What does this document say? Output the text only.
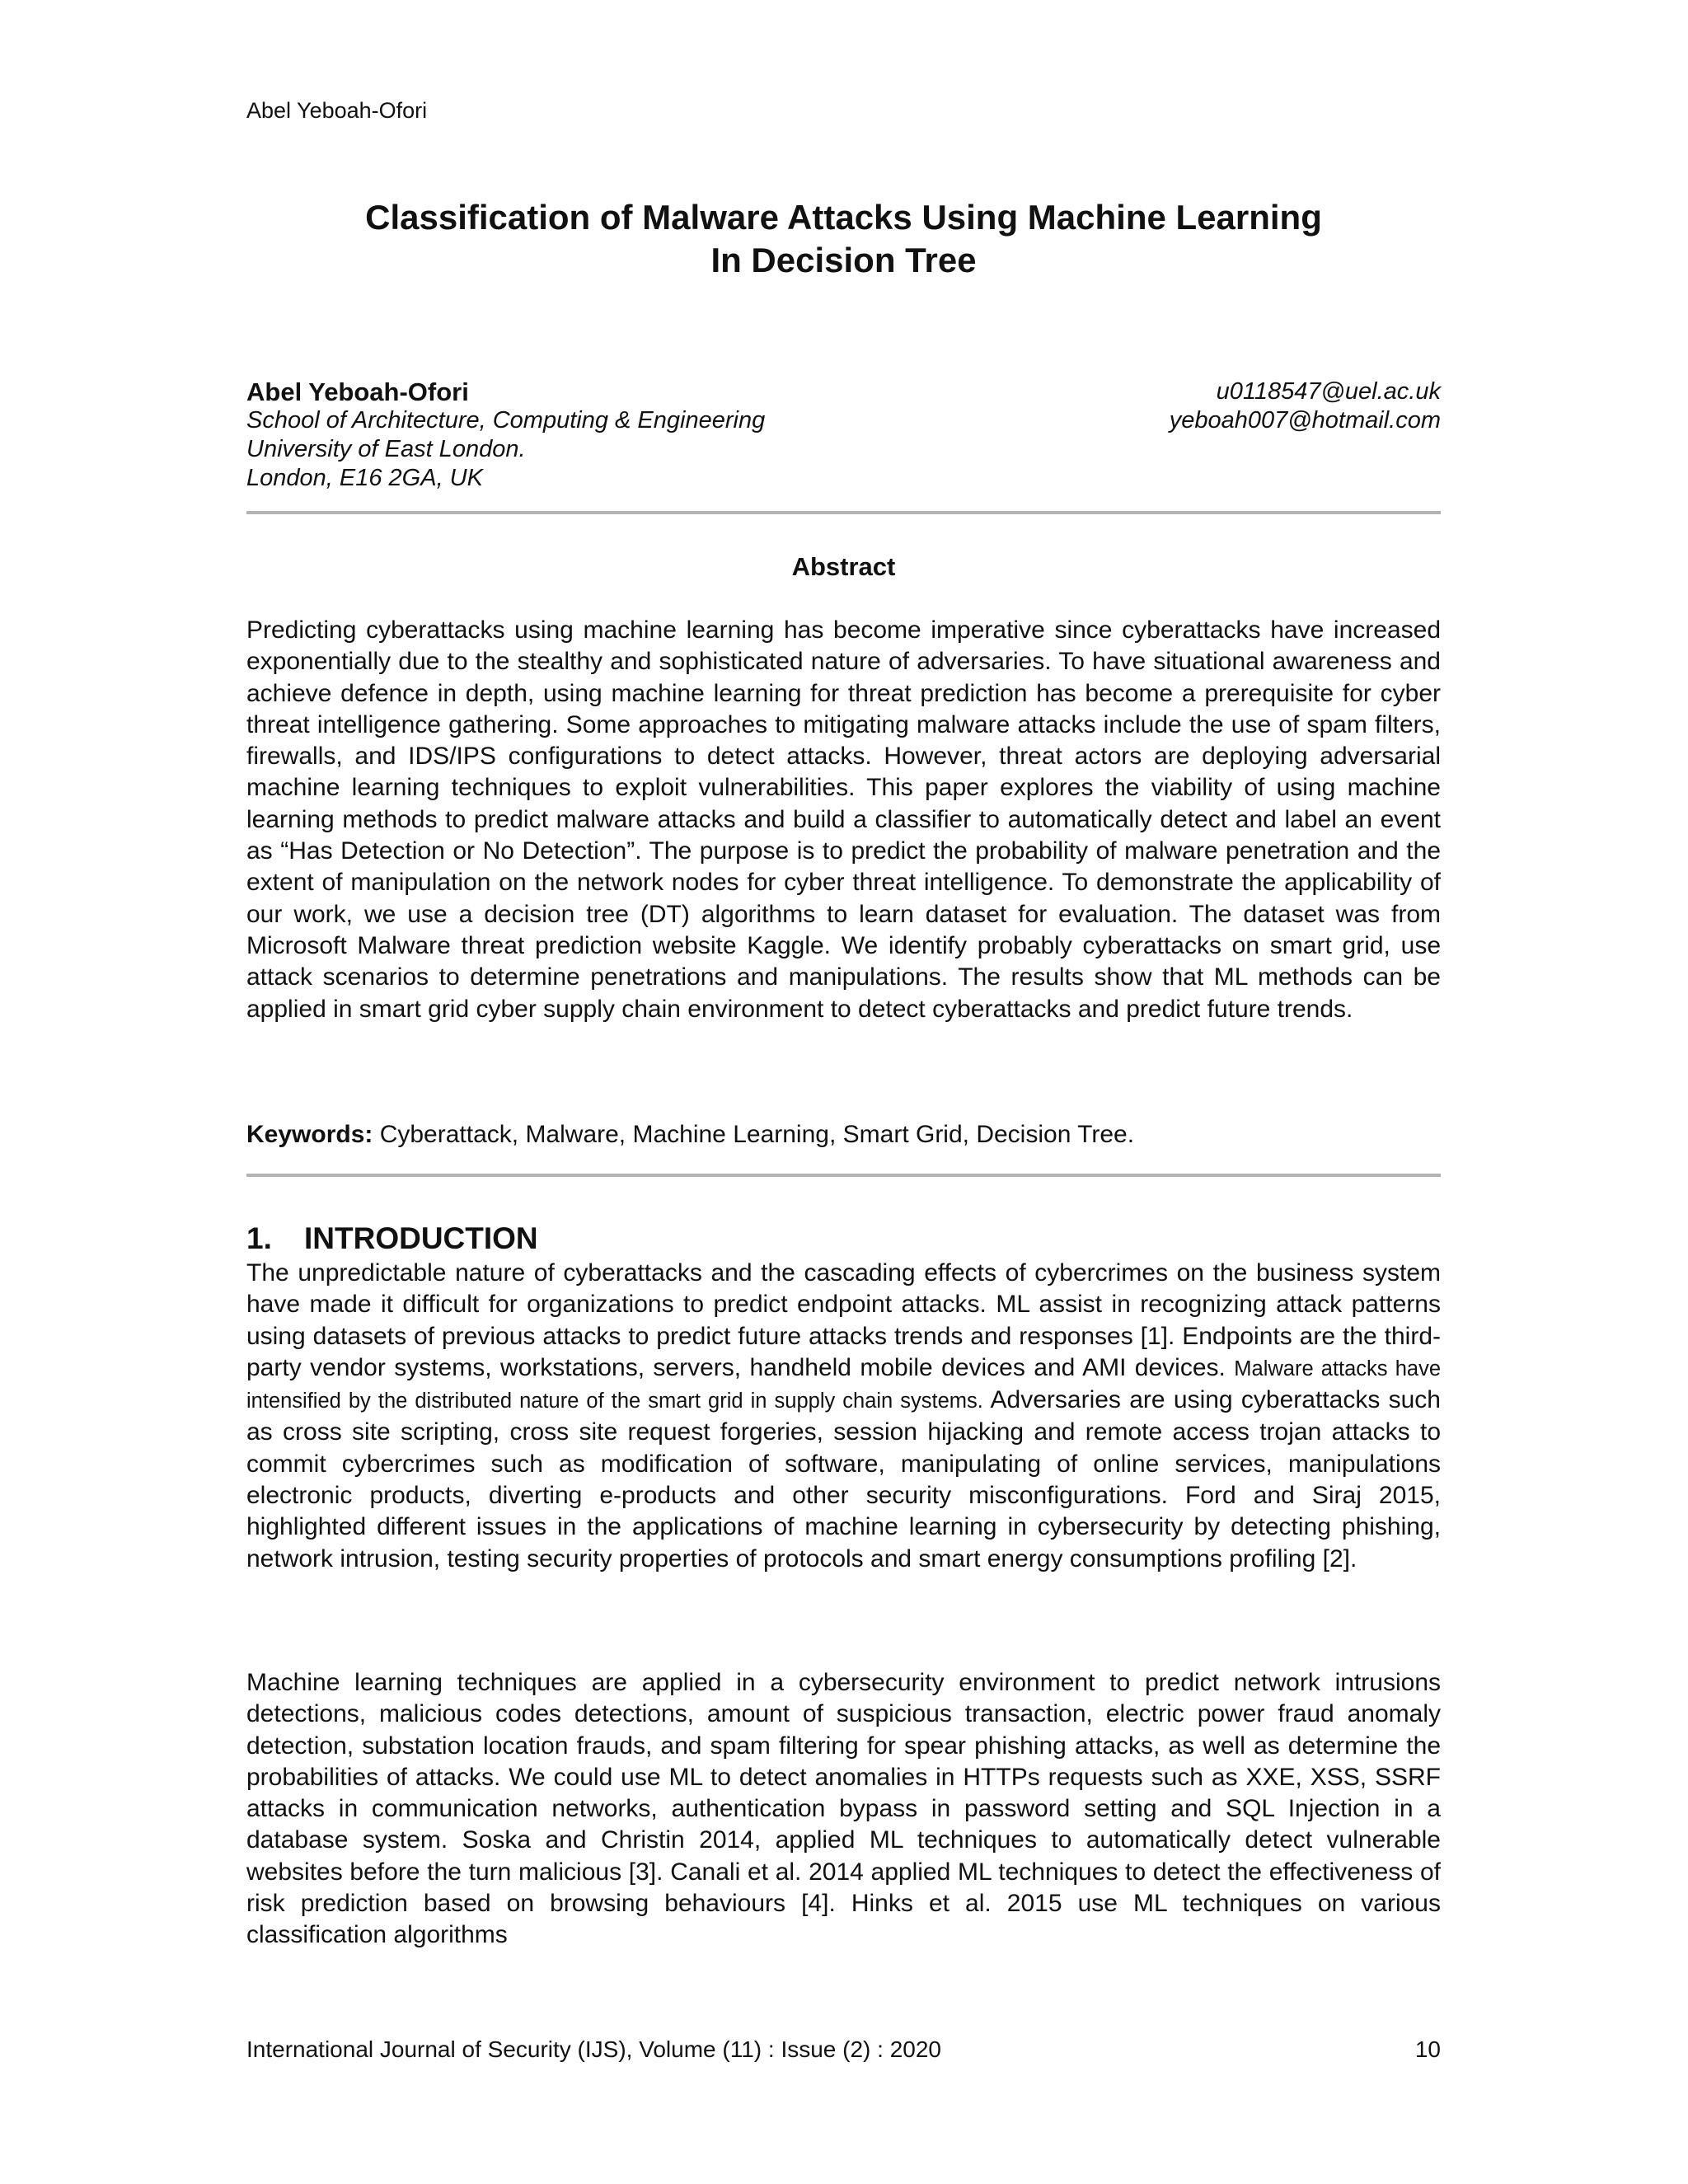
Abel Yeboah-Ofori
Classification of Malware Attacks Using Machine Learning
In Decision Tree
Abel Yeboah-Ofori
School of Architecture, Computing & Engineering
University of East London.
London, E16 2GA, UK
u0118547@uel.ac.uk
yeboah007@hotmail.com
Abstract
Predicting cyberattacks using machine learning has become imperative since cyberattacks have increased exponentially due to the stealthy and sophisticated nature of adversaries. To have situational awareness and achieve defence in depth, using machine learning for threat prediction has become a prerequisite for cyber threat intelligence gathering. Some approaches to mitigating malware attacks include the use of spam filters, firewalls, and IDS/IPS configurations to detect attacks. However, threat actors are deploying adversarial machine learning techniques to exploit vulnerabilities. This paper explores the viability of using machine learning methods to predict malware attacks and build a classifier to automatically detect and label an event as “Has Detection or No Detection”. The purpose is to predict the probability of malware penetration and the extent of manipulation on the network nodes for cyber threat intelligence. To demonstrate the applicability of our work, we use a decision tree (DT) algorithms to learn dataset for evaluation. The dataset was from Microsoft Malware threat prediction website Kaggle. We identify probably cyberattacks on smart grid, use attack scenarios to determine penetrations and manipulations. The results show that ML methods can be applied in smart grid cyber supply chain environment to detect cyberattacks and predict future trends.
Keywords: Cyberattack, Malware, Machine Learning, Smart Grid, Decision Tree.
1. INTRODUCTION
The unpredictable nature of cyberattacks and the cascading effects of cybercrimes on the business system have made it difficult for organizations to predict endpoint attacks. ML assist in recognizing attack patterns using datasets of previous attacks to predict future attacks trends and responses [1]. Endpoints are the third-party vendor systems, workstations, servers, handheld mobile devices and AMI devices. Malware attacks have intensified by the distributed nature of the smart grid in supply chain systems. Adversaries are using cyberattacks such as cross site scripting, cross site request forgeries, session hijacking and remote access trojan attacks to commit cybercrimes such as modification of software, manipulating of online services, manipulations electronic products, diverting e-products and other security misconfigurations. Ford and Siraj 2015, highlighted different issues in the applications of machine learning in cybersecurity by detecting phishing, network intrusion, testing security properties of protocols and smart energy consumptions profiling [2].
Machine learning techniques are applied in a cybersecurity environment to predict network intrusions detections, malicious codes detections, amount of suspicious transaction, electric power fraud anomaly detection, substation location frauds, and spam filtering for spear phishing attacks, as well as determine the probabilities of attacks. We could use ML to detect anomalies in HTTPs requests such as XXE, XSS, SSRF attacks in communication networks, authentication bypass in password setting and SQL Injection in a database system. Soska and Christin 2014, applied ML techniques to automatically detect vulnerable websites before the turn malicious [3]. Canali et al. 2014 applied ML techniques to detect the effectiveness of risk prediction based on browsing behaviours [4]. Hinks et al. 2015 use ML techniques on various classification algorithms
International Journal of Security (IJS), Volume (11) : Issue (2) : 2020	10
